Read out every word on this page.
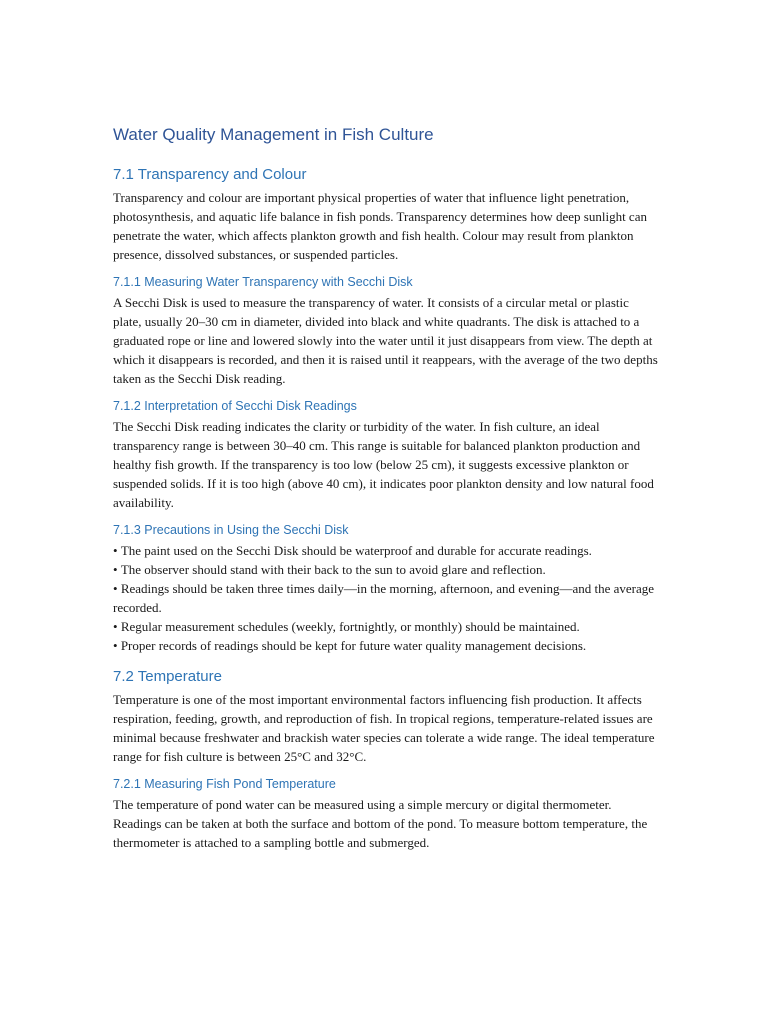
Water Quality Management in Fish Culture
7.1 Transparency and Colour

Transparency and colour are important physical properties of water that influence light penetration, photosynthesis, and aquatic life balance in fish ponds. Transparency determines how deep sunlight can penetrate the water, which affects plankton growth and fish health. Colour may result from plankton presence, dissolved substances, or suspended particles.

7.1.1 Measuring Water Transparency with Secchi Disk

A Secchi Disk is used to measure the transparency of water. It consists of a circular metal or plastic plate, usually 20–30 cm in diameter, divided into black and white quadrants. The disk is attached to a graduated rope or line and lowered slowly into the water until it just disappears from view. The depth at which it disappears is recorded, and then it is raised until it reappears, with the average of the two depths taken as the Secchi Disk reading.

7.1.2 Interpretation of Secchi Disk Readings

The Secchi Disk reading indicates the clarity or turbidity of the water. In fish culture, an ideal transparency range is between 30–40 cm. This range is suitable for balanced plankton production and healthy fish growth. If the transparency is too low (below 25 cm), it suggests excessive plankton or suspended solids. If it is too high (above 40 cm), it indicates poor plankton density and low natural food availability.

7.1.3 Precautions in Using the Secchi Disk
• The paint used on the Secchi Disk should be waterproof and durable for accurate readings.
• The observer should stand with their back to the sun to avoid glare and reflection.
• Readings should be taken three times daily—in the morning, afternoon, and evening—and the average recorded.
• Regular measurement schedules (weekly, fortnightly, or monthly) should be maintained.
• Proper records of readings should be kept for future water quality management decisions.
7.2 Temperature

Temperature is one of the most important environmental factors influencing fish production. It affects respiration, feeding, growth, and reproduction of fish. In tropical regions, temperature-related issues are minimal because freshwater and brackish water species can tolerate a wide range. The ideal temperature range for fish culture is between 25°C and 32°C.

7.2.1 Measuring Fish Pond Temperature

The temperature of pond water can be measured using a simple mercury or digital thermometer. Readings can be taken at both the surface and bottom of the pond. To measure bottom temperature, the thermometer is attached to a sampling bottle and submerged.
